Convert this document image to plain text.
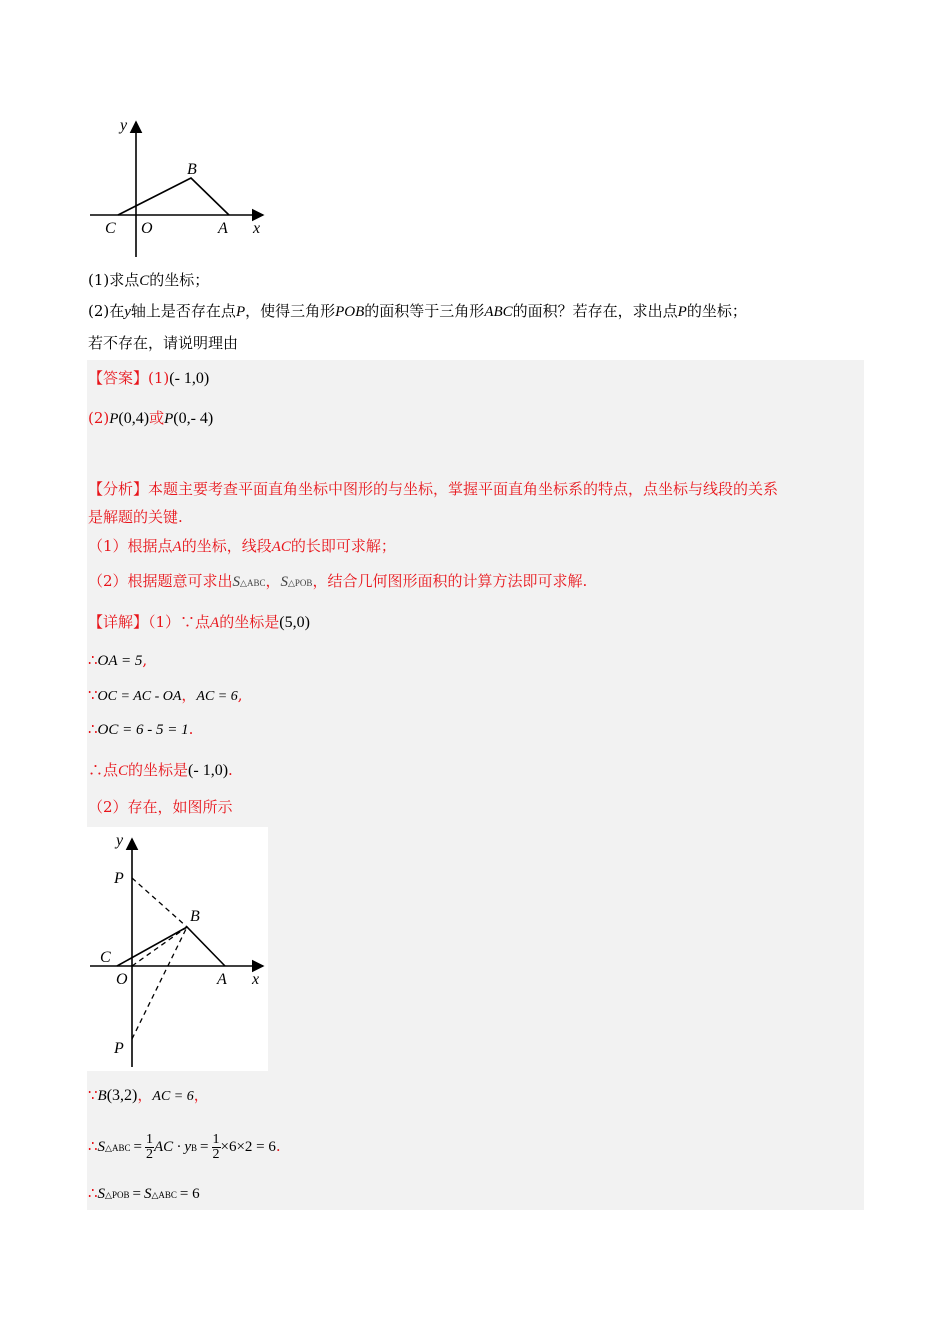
y
B
C O	A x
(1)求点C的坐标；
(2)在y轴上是否存在点P，使得三角形POB的面积等于三角形ABC的面积？若存在，求出点P的坐标；
若不存在，请说明理由
【答案】(1)(- 1,0)
(2)P(0,4)或P(0,- 4)
【分析】本题主要考查平面直角坐标中图形的与坐标，掌握平面直角坐标系的特点，点坐标与线段的关系
是解题的关键.
（1）根据点A的坐标，线段AC的长即可求解；
（2）根据题意可求出S△ABC，S△POB，结合几何图形面积的计算方法即可求解.
【详解】（1）∵点A的坐标是(5,0)
∴OA = 5,
∵OC = AC - OA，AC = 6,
∴OC = 6 - 5 = 1.
∴点C的坐标是(- 1,0).
（2）存在，如图所示
y
P
B
C
O	A x
P
∵B(3,2)，AC = 6，
∴S△ABC = $\frac{1}{2}$ AC · yB = $\frac{1}{2} \times 6\times 2 = 6$.
∴S△POB = S△ABC = 6
